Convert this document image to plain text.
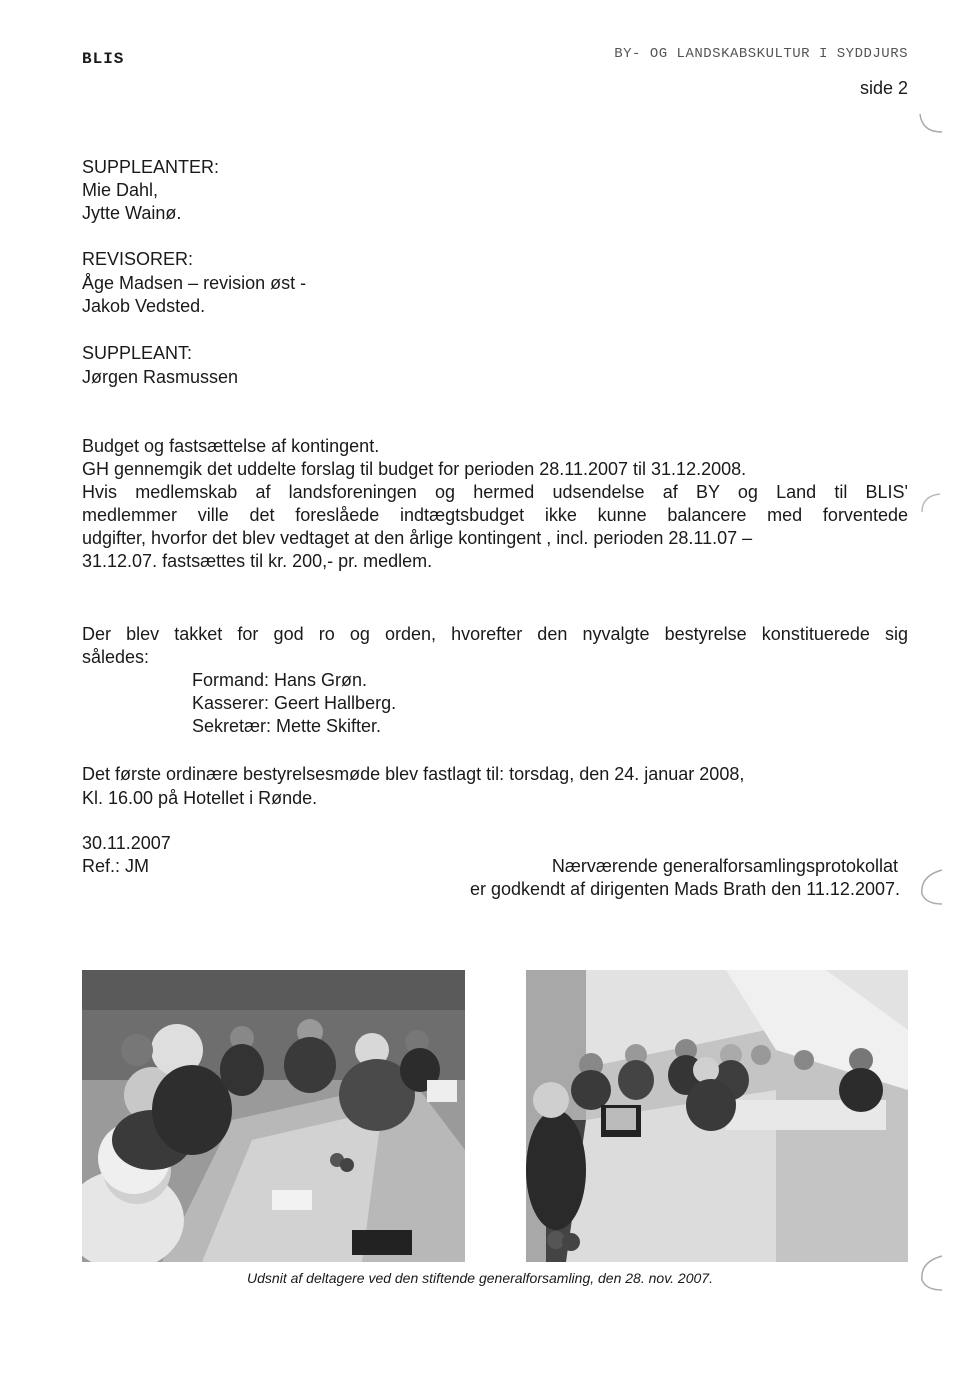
BLIS	BY- OG LANDSKABSKULTUR I SYDDJURS
side 2
SUPPLEANTER:
Mie Dahl,
Jytte Wainø.
REVISORER:
Åge Madsen – revision øst -
Jakob Vedsted.
SUPPLEANT:
Jørgen Rasmussen
Budget og fastsættelse af kontingent.
GH gennemgik det uddelte forslag til budget for perioden 28.11.2007 til 31.12.2008.
Hvis medlemskab af landsforeningen og hermed udsendelse af BY og Land til BLIS'
medlemmer ville det foreslåede indtægtsbudget ikke kunne balancere med forventede
udgifter, hvorfor det blev vedtaget at den årlige kontingent , incl. perioden 28.11.07 –
31.12.07. fastsættes til kr. 200,- pr. medlem.
Der blev takket for god ro og orden, hvorefter den nyvalgte bestyrelse konstituerede sig
således:
Formand: Hans Grøn.
Kasserer: Geert Hallberg.
Sekretær: Mette Skifter.
Det første ordinære bestyrelsesmøde blev fastlagt til: torsdag, den 24. januar 2008,
Kl. 16.00 på Hotellet i Rønde.
30.11.2007
Ref.: JM	Nærværende generalforsamlingsprotokollat
er godkendt af dirigenten Mads Brath den 11.12.2007.
Udsnit af deltagere ved den stiftende generalforsamling, den 28. nov. 2007.
